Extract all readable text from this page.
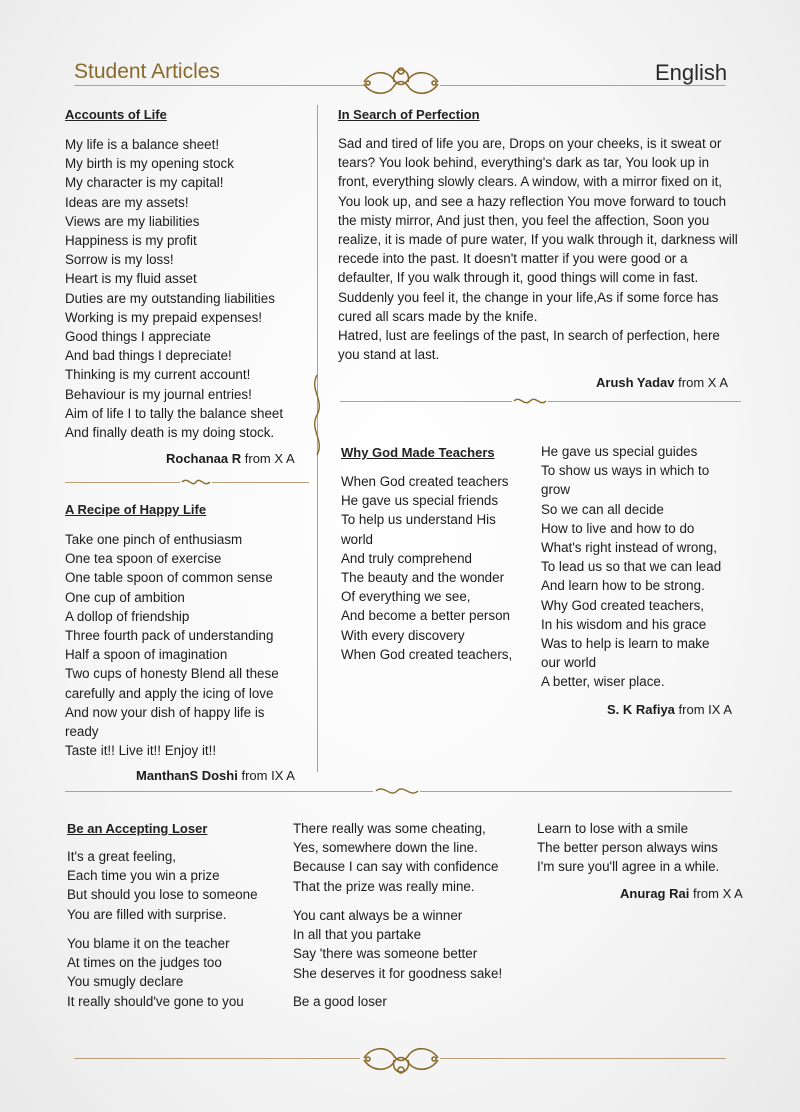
Student Articles	English
Accounts of Life
My life is a balance sheet!
My birth is my opening stock
My character is my capital!
Ideas are my assets!
Views are my liabilities
Happiness is my profit
Sorrow is my loss!
Heart is my fluid asset
Duties are my outstanding liabilities
Working is my prepaid expenses!
Good things I appreciate
And bad things I depreciate!
Thinking is my current account!
Behaviour is my journal entries!
Aim of life I to tally the balance sheet
And finally death is my doing stock.
Rochanaa R from X A
A Recipe of Happy Life
Take one pinch of enthusiasm
One tea spoon of exercise
One table spoon of common sense
One cup of ambition
A dollop of friendship
Three fourth pack of understanding
Half a spoon of imagination
Two cups of honesty Blend all these
carefully and apply the icing of love
And now your dish of happy life is
ready
Taste it!! Live it!! Enjoy it!!
ManthanS Doshi from IX A
In Search of Perfection
Sad and tired of life you are, Drops on your cheeks, is it sweat or tears? You look behind, everything's dark as tar, You look up in front, everything slowly clears. A window, with a mirror fixed on it, You look up, and see a hazy reflection You move forward to touch the misty mirror, And just then, you feel the affection, Soon you realize, it is made of pure water, If you walk through it, darkness will recede into the past. It doesn't matter if you were good or a defaulter, If you walk through it, good things will come in fast. Suddenly you feel it, the change in your life,As if some force has cured all scars made by the knife.
Hatred, lust are feelings of the past, In search of perfection, here you stand at last.
Arush Yadav from X A
Why God Made Teachers
When God created teachers
He gave us special friends
To help us understand His
world
And truly comprehend
The beauty and the wonder
Of everything we see,
And become a better person
With every discovery
When God created teachers,
He gave us special guides
To show us ways in which to
grow
So we can all decide
How to live and how to do
What's right instead of wrong,
To lead us so that we can lead
And learn how to be strong.
Why God created teachers,
In his wisdom and his grace
Was to help is learn to make
our world
A better, wiser place.
S. K Rafiya from IX A
Be an Accepting Loser
It's a great feeling,
Each time you win a prize
But should you lose to someone
You are filled with surprise.
You blame it on the teacher
At times on the judges too
You smugly declare
It really should've gone to you
There really was some cheating,
Yes, somewhere down the line.
Because I can say with confidence
That the prize was really mine.
You cant always be a winner
In all that you partake
Say 'there was someone better
She deserves it for goodness sake!
Be a good loser
Learn to lose with a smile
The better person always wins
I'm sure you'll agree in a while.
Anurag Rai from X A
